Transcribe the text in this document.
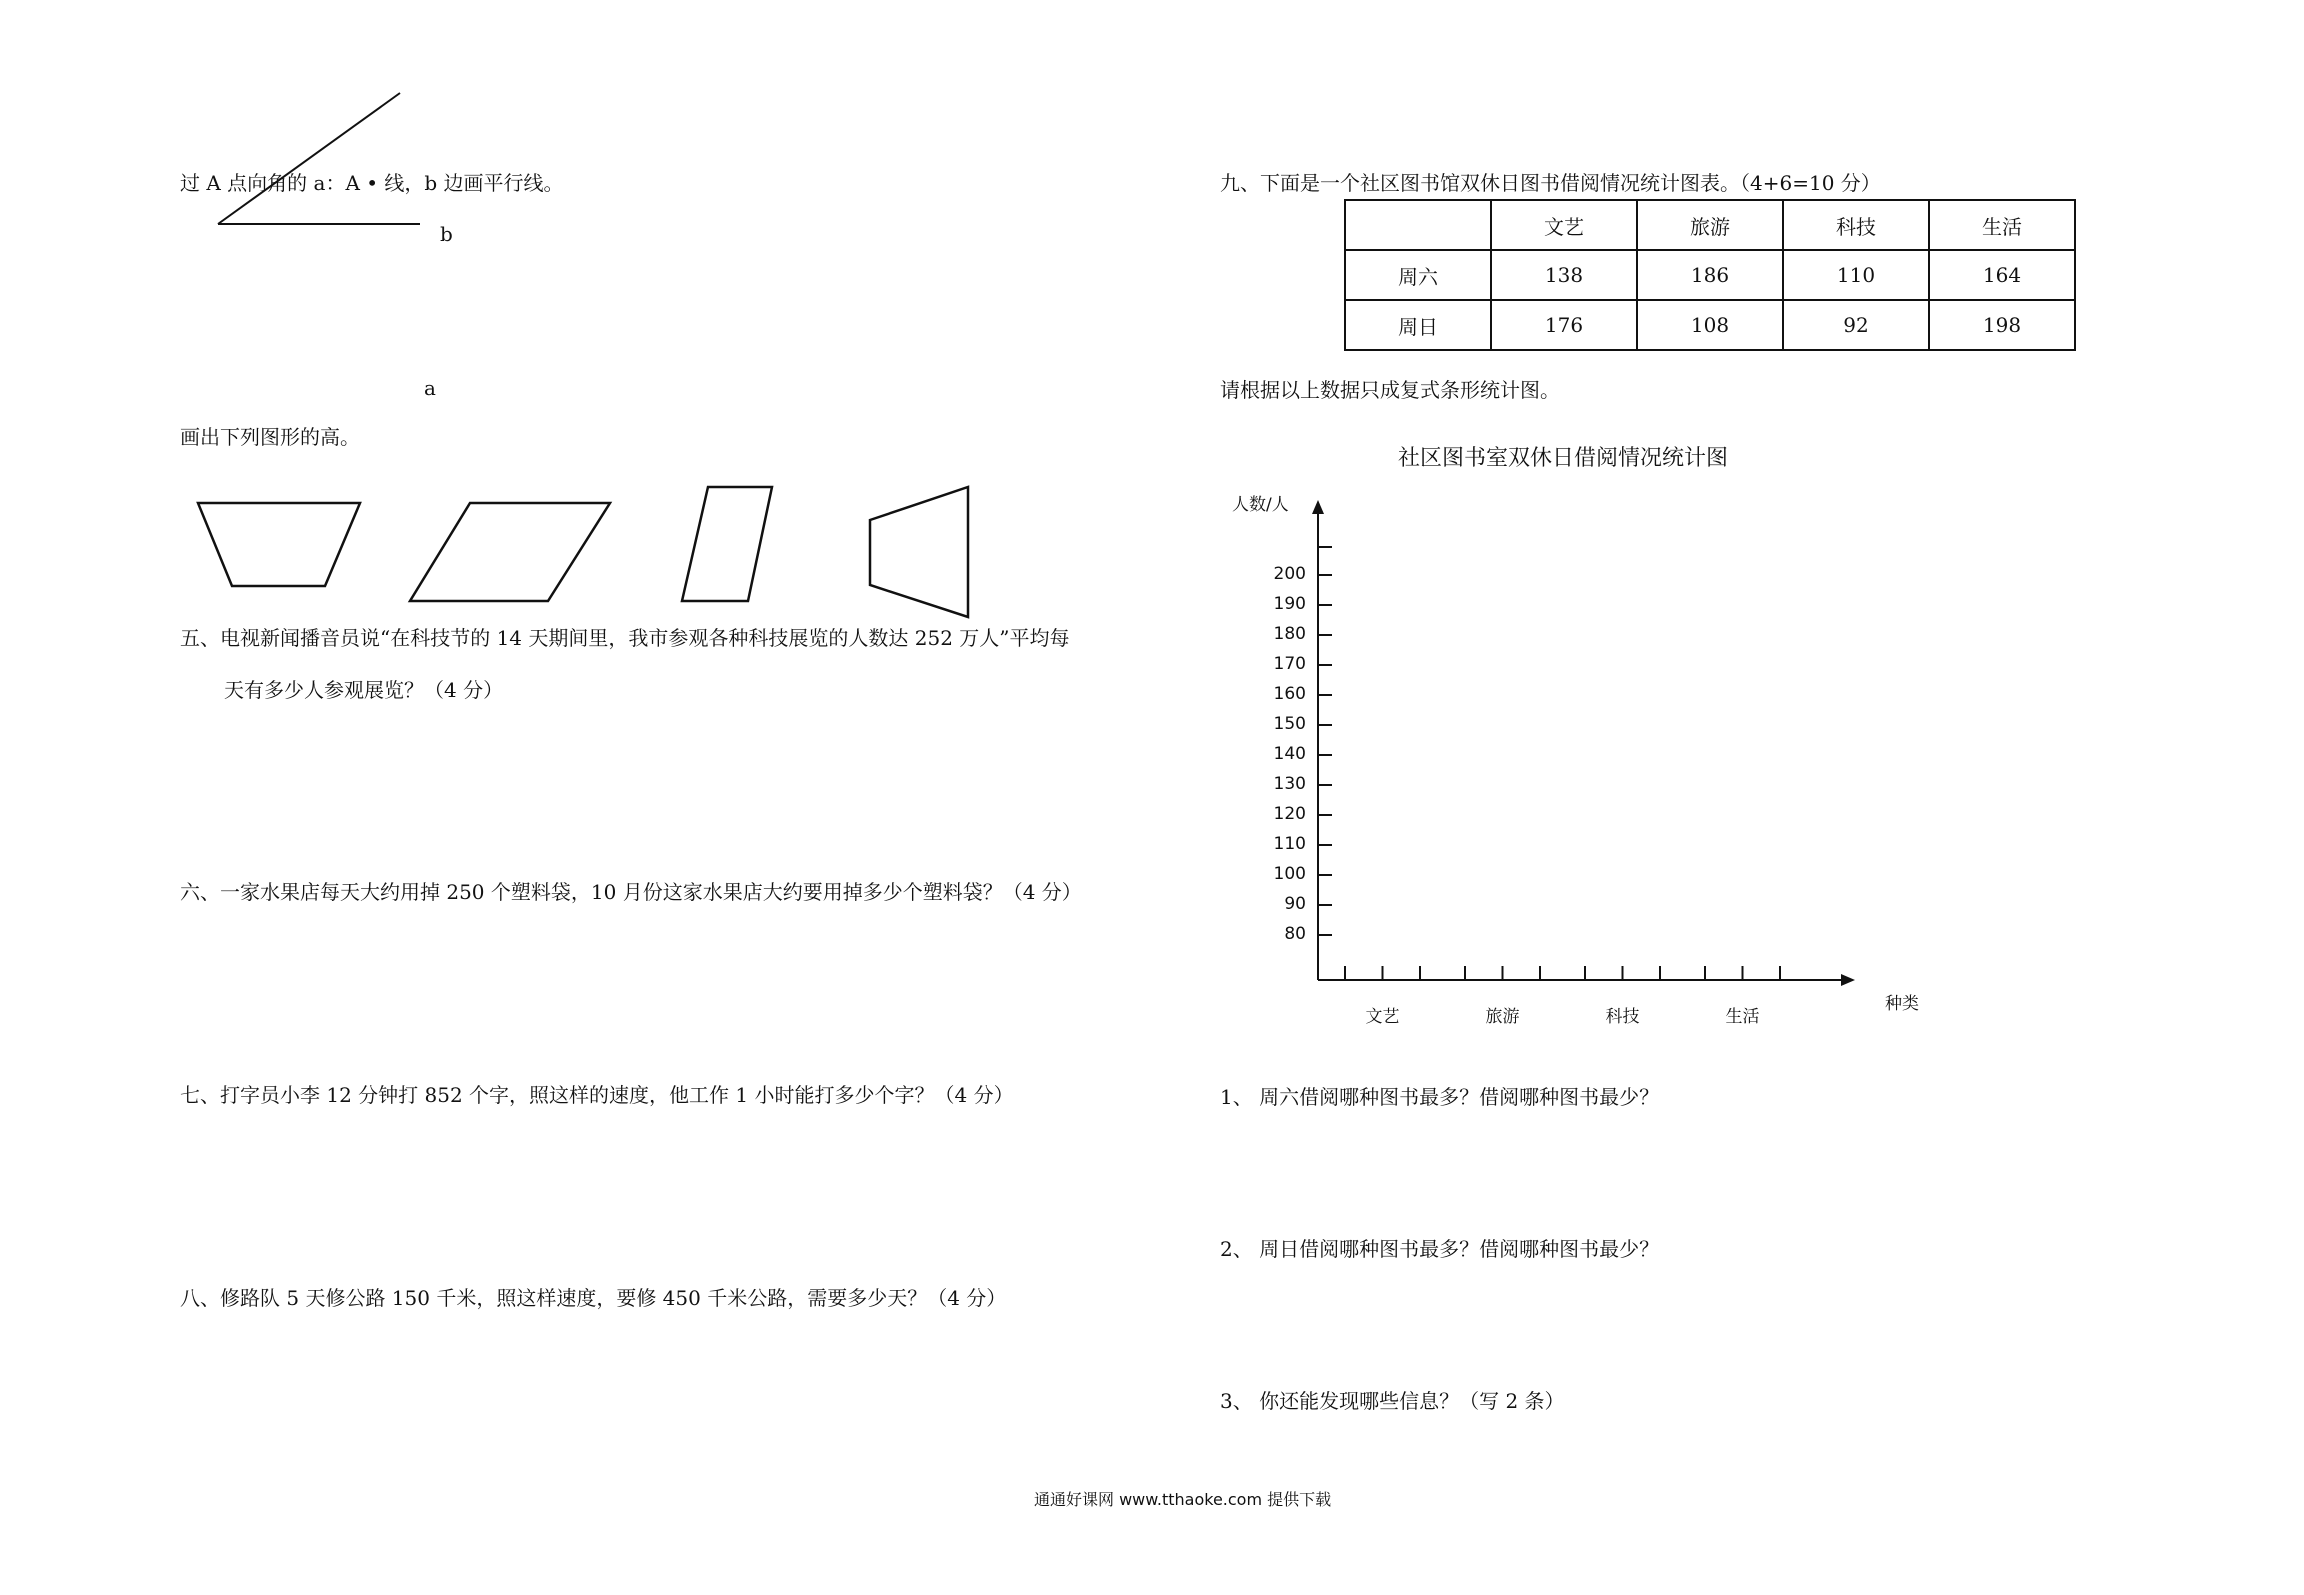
过 A 点向角的 a：A • 线，b 边画平行线。
b
a
画出下列图形的高。
五、电视新闻播音员说“在科技节的 14 天期间里，我市参观各种科技展览的人数达 252 万人”平均每
天有多少人参观展览？（4 分）
六、一家水果店每天大约用掉 250 个塑料袋，10 月份这家水果店大约要用掉多少个塑料袋？（4 分）
七、打字员小李 12 分钟打 852 个字，照这样的速度，他工作 1 小时能打多少个字？（4 分）
八、修路队 5 天修公路 150 千米，照这样速度，要修 450 千米公路，需要多少天？（4 分）
九、下面是一个社区图书馆双休日图书借阅情况统计图表。（4+6=10 分）
	文艺	旅游	科技	生活
周六	138	186	110	164
周日	176	108	92	198
请根据以上数据只成复式条形统计图。
社区图书室双休日借阅情况统计图
人数/人
种类
80
90
100
110
120
130
140
150
160
170
180
190
200
文艺	旅游	科技	生活
1、 周六借阅哪种图书最多？借阅哪种图书最少？
2、 周日借阅哪种图书最多？借阅哪种图书最少？
3、 你还能发现哪些信息？（写 2 条）
通通好课网 www.tthaoke.com 提供下载
